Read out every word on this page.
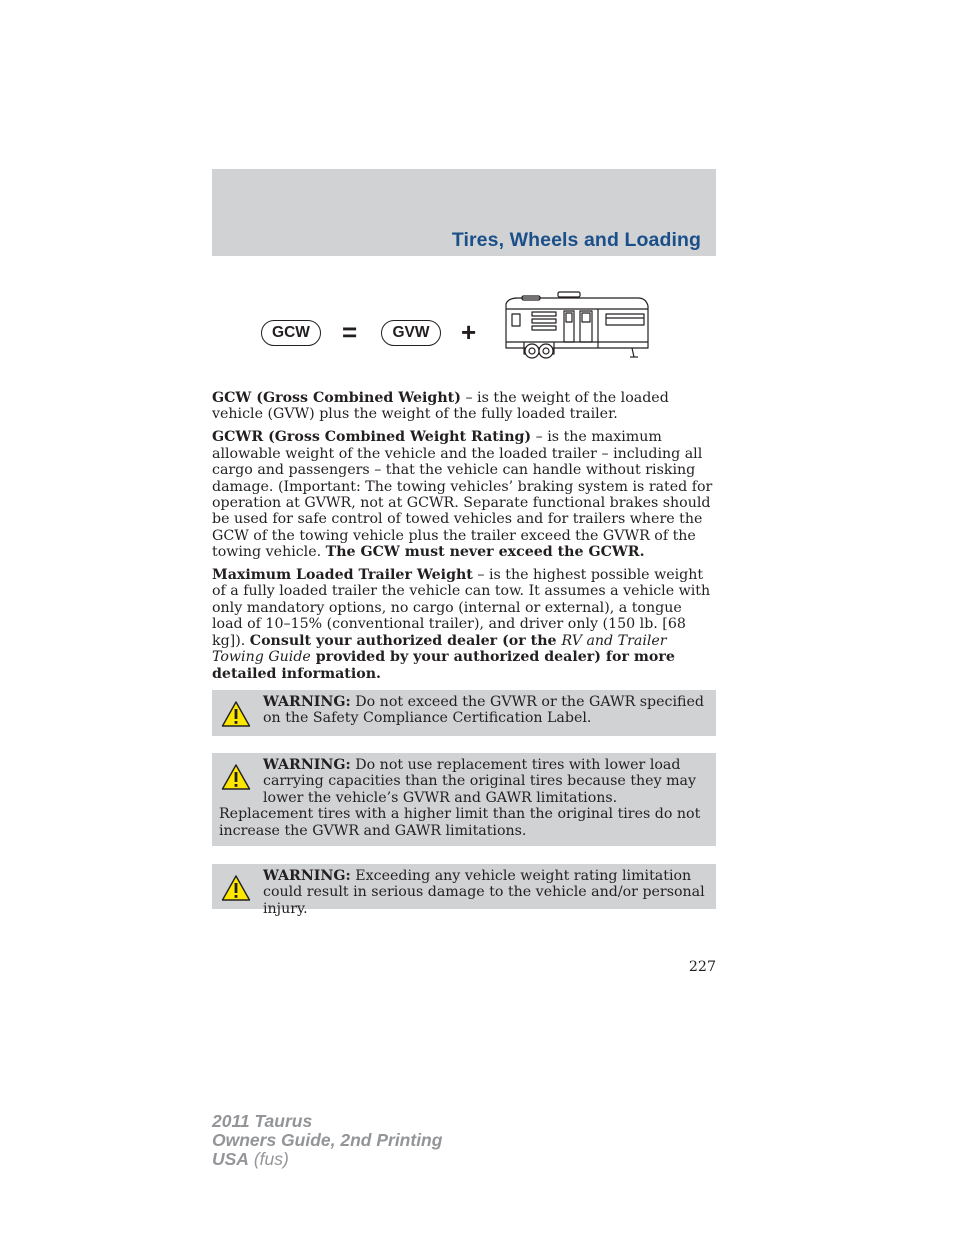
Tires, Wheels and Loading
GCW	=	GVW	+

GCW (Gross Combined Weight) – is the weight of the loaded vehicle (GVW) plus the weight of the fully loaded trailer.

GCWR (Gross Combined Weight Rating) – is the maximum allowable weight of the vehicle and the loaded trailer – including all cargo and passengers – that the vehicle can handle without risking damage. (Important: The towing vehicles’ braking system is rated for operation at GVWR, not at GCWR. Separate functional brakes should be used for safe control of towed vehicles and for trailers where the GCW of the towing vehicle plus the trailer exceed the GVWR of the towing vehicle. The GCW must never exceed the GCWR.

Maximum Loaded Trailer Weight – is the highest possible weight of a fully loaded trailer the vehicle can tow. It assumes a vehicle with only mandatory options, no cargo (internal or external), a tongue load of 10–15% (conventional trailer), and driver only (150 lb. [68 kg]). Consult your authorized dealer (or the RV and Trailer Towing Guide provided by your authorized dealer) for more detailed information.

WARNING: Do not exceed the GVWR or the GAWR specified on the Safety Compliance Certification Label.
WARNING: Do not use replacement tires with lower load carrying capacities than the original tires because they may lower the vehicle’s GVWR and GAWR limitations. Replacement tires with a higher limit than the original tires do not increase the GVWR and GAWR limitations.
WARNING: Exceeding any vehicle weight rating limitation could result in serious damage to the vehicle and/or personal injury.
227
2011 Taurus
Owners Guide, 2nd Printing
USA (fus)
